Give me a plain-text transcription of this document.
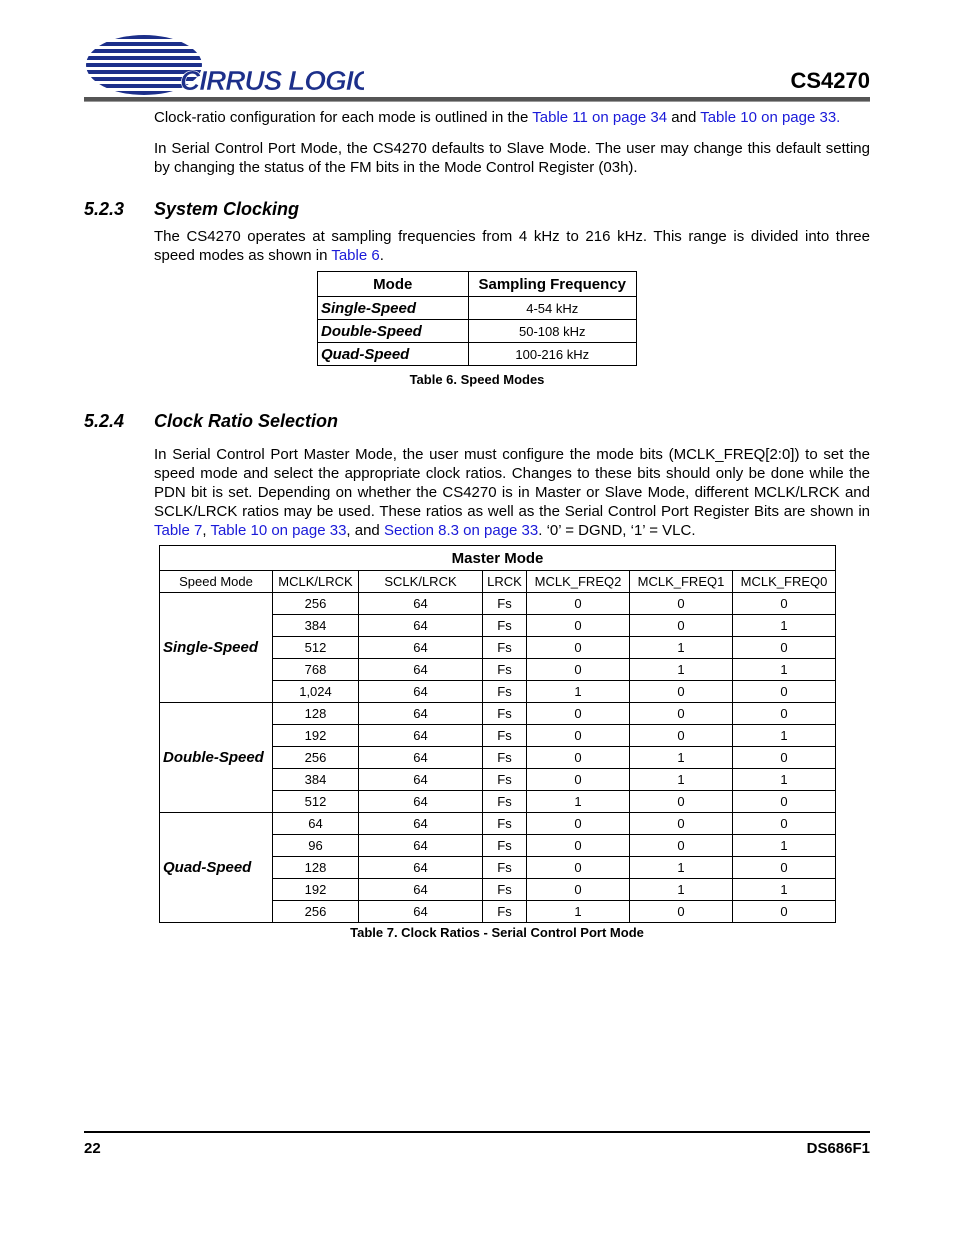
CIRRUS LOGIC	CS4270
Clock-ratio configuration for each mode is outlined in the Table 11 on page 34 and Table 10 on page 33.
In Serial Control Port Mode, the CS4270 defaults to Slave Mode. The user may change this default setting by changing the status of the FM bits in the Mode Control Register (03h).
5.2.3 System Clocking
The CS4270 operates at sampling frequencies from 4 kHz to 216 kHz. This range is divided into three speed modes as shown in Table 6.
Mode	Sampling Frequency
Single-Speed	4-54 kHz
Double-Speed	50-108 kHz
Quad-Speed	100-216 kHz
Table 6. Speed Modes
5.2.4 Clock Ratio Selection
In Serial Control Port Master Mode, the user must configure the mode bits (MCLK_FREQ[2:0]) to set the speed mode and select the appropriate clock ratios. Changes to these bits should only be done while the PDN bit is set. Depending on whether the CS4270 is in Master or Slave Mode, different MCLK/LRCK and SCLK/LRCK ratios may be used. These ratios as well as the Serial Control Port Register Bits are shown in Table 7, Table 10 on page 33, and Section 8.3 on page 33. ‘0’ = DGND, ‘1’ = VLC.
Master Mode						
Speed Mode	MCLK/LRCK	SCLK/LRCK	LRCK	MCLK_FREQ2	MCLK_FREQ1	MCLK_FREQ0
Single-Speed	256	64	Fs	0	0	0
	384	64	Fs	0	0	1
	512	64	Fs	0	1	0
	768	64	Fs	0	1	1
	1,024	64	Fs	1	0	0
Double-Speed	128	64	Fs	0	0	0
	192	64	Fs	0	0	1
	256	64	Fs	0	1	0
	384	64	Fs	0	1	1
	512	64	Fs	1	0	0
Quad-Speed	64	64	Fs	0	0	0
	96	64	Fs	0	0	1
	128	64	Fs	0	1	0
	192	64	Fs	0	1	1
	256	64	Fs	1	0	0
Table 7. Clock Ratios - Serial Control Port Mode
22	DS686F1
